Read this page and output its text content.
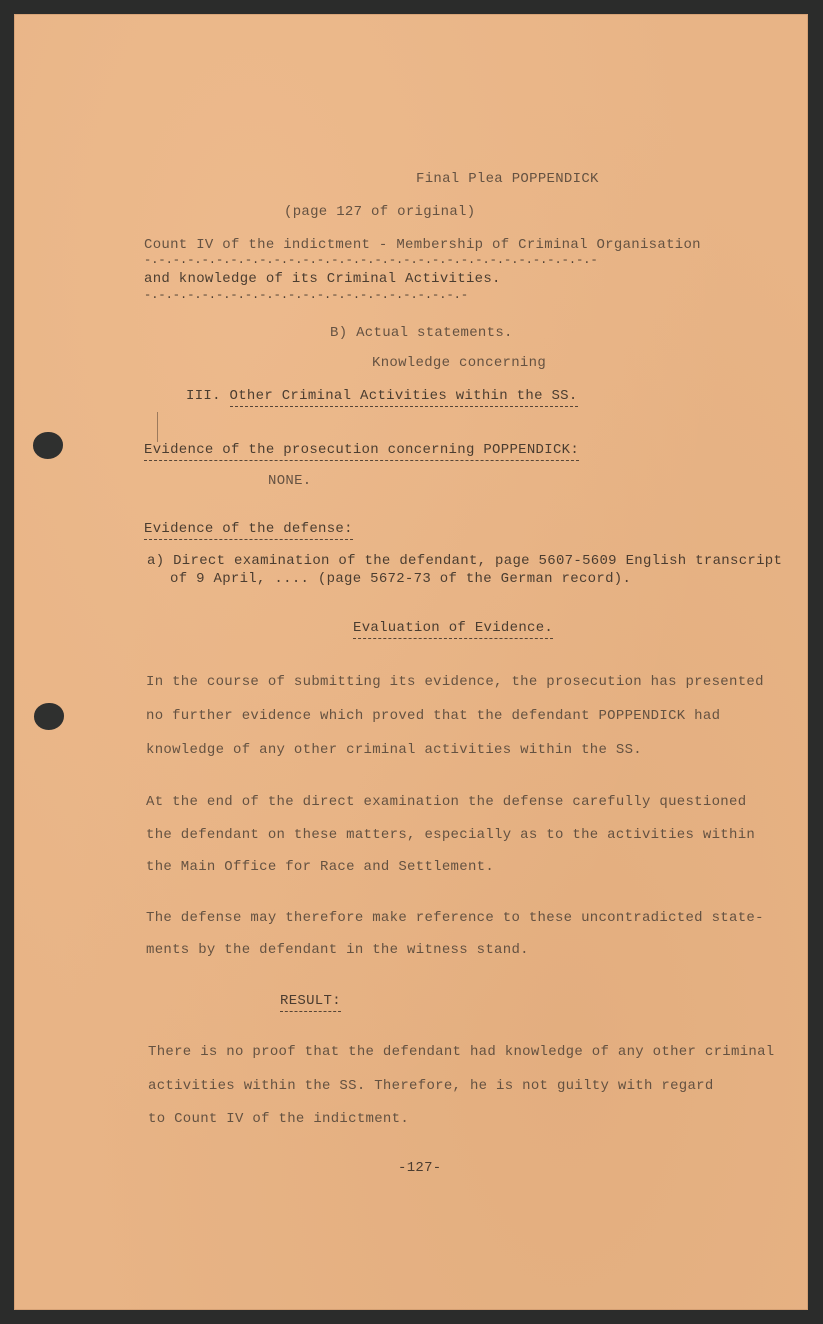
Final Plea POPPENDICK
(page 127 of original)
Count IV of the indictment - Membership of Criminal Organisation
-.-.-.-.-.-.-.-.-.-.-.-.-.-.-.-.-.-.-.-.-.-.-.-.-.-.-.-.-.-.-.-
and knowledge of its Criminal Activities.
-.-.-.-.-.-.-.-.-.-.-.-.-.-.-.-.-.-.-.-.-.-.-
B) Actual statements.
Knowledge concerning
III. Other Criminal Activities within the SS.
Evidence of the prosecution concerning POPPENDICK:
NONE.
Evidence of the defense:
a) Direct examination of the defendant, page 5607-5609 English transcript
of 9 April, .... (page 5672-73 of the German record).
Evaluation of Evidence.
In the course of submitting its evidence, the prosecution has presented
no further evidence which proved that the defendant POPPENDICK had
knowledge of any other criminal activities within the SS.
At the end of the direct examination the defense carefully questioned
the defendant on these matters, especially as to the activities within
the Main Office for Race and Settlement.
The defense may therefore make reference to these uncontradicted state-
ments by the defendant in the witness stand.
RESULT:
There is no proof that the defendant had knowledge of any other criminal
activities within the SS. Therefore, he is not guilty with regard
to Count IV of the indictment.
-127-
